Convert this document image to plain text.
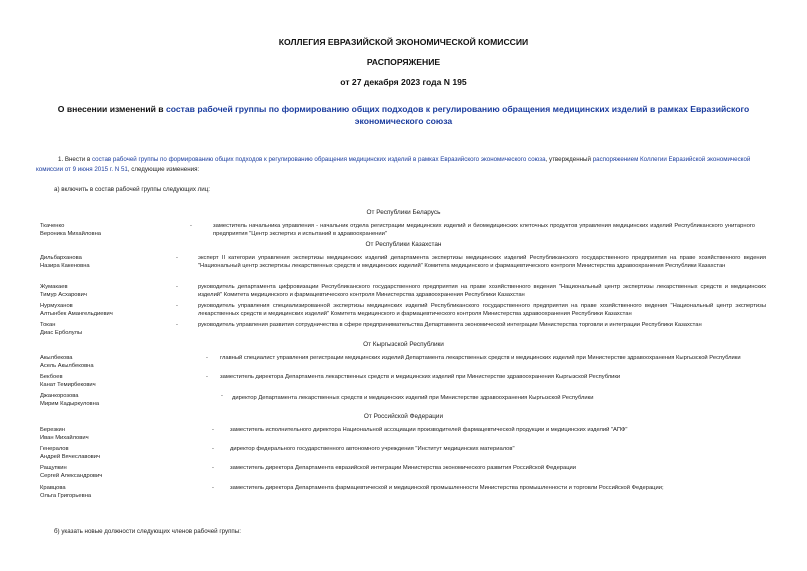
КОЛЛЕГИЯ ЕВРАЗИЙСКОЙ ЭКОНОМИЧЕСКОЙ КОМИССИИ
РАСПОРЯЖЕНИЕ
от 27 декабря 2023 года N 195
О внесении изменений в состав рабочей группы по формированию общих подходов к регулированию обращения медицинских изделий в рамках Евразийского экономического союза
1. Внести в состав рабочей группы по формированию общих подходов к регулированию обращения медицинских изделий в рамках Евразийского экономического союза, утвержденный распоряжением Коллегии Евразийской экономической комиссии от 9 июня 2015 г. N 51, следующие изменения:
а) включить в состав рабочей группы следующих лиц:
От Республики Беларусь
Ткаченко
Вероника Михайловна
-	заместитель начальника управления - начальник отдела регистрации медицинских изделий и биомедицинских клеточных продуктов управления медицинских изделий Республиканского унитарного предприятия "Центр экспертиз и испытаний в здравоохранении"
От Республики Казахстан
Дильбарханова
Назира Какеновна
-	эксперт II категории управления экспертизы медицинских изделий департамента экспертизы медицинских изделий Республиканского государственного предприятия на праве хозяйственного ведения "Национальный центр экспертизы лекарственных средств и медицинских изделий" Комитета медицинского и фармацевтического контроля Министерства здравоохранения Республики Казахстан
Жумакаев
Тимур Асхарович
-	руководитель департамента цифровизации Республиканского государственного предприятия на праве хозяйственного ведения "Национальный центр экспертизы лекарственных средств и медицинских изделий" Комитета медицинского и фармацевтического контроля Министерства здравоохранения Республики Казахстан
Нурмуханов
Алтынбек Амангельдиевич
-	руководитель управления специализированной экспертизы медицинских изделий Республиканского государственного предприятия на праве хозяйственного ведения "Национальный центр экспертизы лекарственных средств и медицинских изделий" Комитета медицинского и фармацевтического контроля Министерства здравоохранения Республики Казахстан
Токан
Диас Ерболулы
-	руководитель управления развития сотрудничества в сфере предпринимательства Департамента экономической интеграции Министерства торговли и интеграции Республики Казахстан
От Кыргызской Республики
Акылбекова
Асель Акылбековна
- главный специалист управления регистрации медицинских изделий Департамента лекарственных средств и медицинских изделий при Министерстве здравоохранения Кыргызской Республики
Бекбоев
Канат Темирбекович
- заместитель директора Департамента лекарственных средств и медицинских изделий при Министерстве здравоохранения Кыргызской Республики
Джанкорозова
Мирим Кадыркуловна
- директор Департамента лекарственных средств и медицинских изделий при Министерстве здравоохранения Кыргызской Республики
От Российской Федерации
Березкин
Иван Михайлович
-	заместитель исполнительного директора Национальной ассоциации производителей фармацевтической продукции и медицинских изделий "АПФ"
Генералов
Андрей Вячеславович
-	директор федерального государственного автономного учреждения "Институт медицинских материалов"
Ращупкин
Сергей Александрович
-	заместитель директора Департамента евразийской интеграции Министерства экономического развития Российской Федерации
Кравцова
Ольга Григорьевна
-	заместитель директора Департамента фармацевтической и медицинской промышленности Министерства промышленности и торговли Российской Федерации;
б) указать новые должности следующих членов рабочей группы:
